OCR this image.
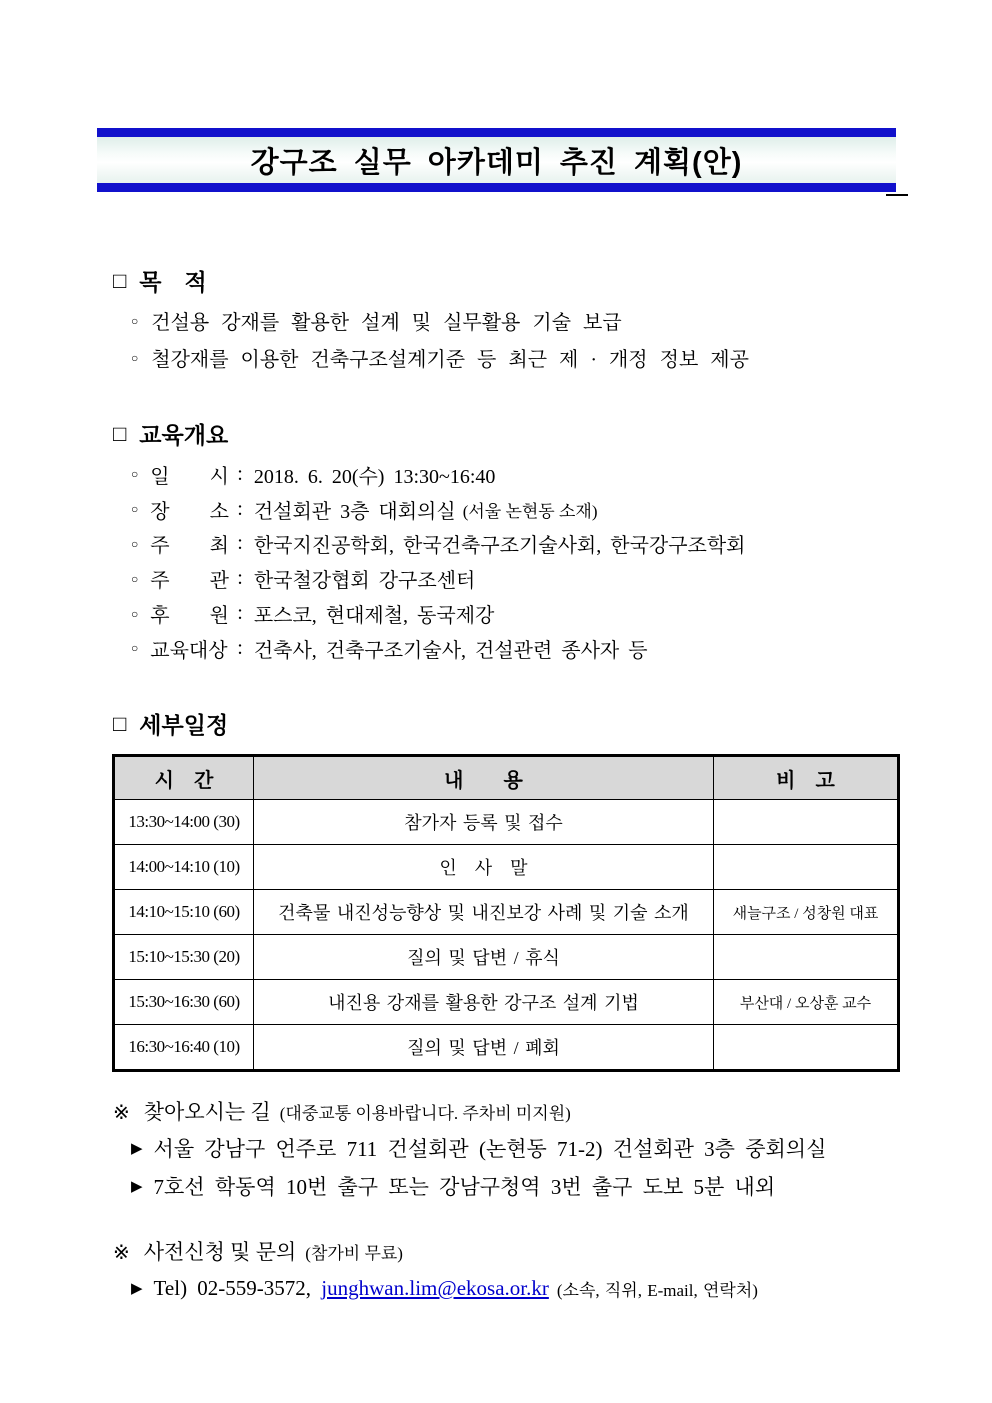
강구조 실무 아카데미 추진 계획(안)
□ 목　적
○ 건설용 강재를 활용한 설계 및 실무활용 기술 보급
○ 철강재를 이용한 건축구조설계기준 등 최근 제 · 개정 정보 제공
□ 교육개요
○ 일　　시 : 2018. 6. 20(수) 13:30~16:40
○ 장　　소 : 건설회관 3층 대회의실 (서울 논현동 소재)
○ 주　　최 : 한국지진공학회, 한국건축구조기술사회, 한국강구조학회
○ 주　　관 : 한국철강협회 강구조센터
○ 후　　원 : 포스코, 현대제철, 동국제강
○ 교육대상 : 건축사, 건축구조기술사, 건설관련 종사자 등
□ 세부일정
시　간	내　　용	비　고
13:30~14:00 (30)	참가자 등록 및 접수	
14:00~14:10 (10)	인　사　말	
14:10~15:10 (60)	건축물 내진성능향상 및 내진보강 사례 및 기술 소개	새늘구조 / 성창원 대표
15:10~15:30 (20)	질의 및 답변 / 휴식	
15:30~16:30 (60)	내진용 강재를 활용한 강구조 설계 기법	부산대 / 오상훈 교수
16:30~16:40 (10)	질의 및 답변 / 폐회	
※ 찾아오시는 길 (대중교통 이용바랍니다. 주차비 미지원)
▶ 서울 강남구 언주로 711 건설회관 (논현동 71-2) 건설회관 3층 중회의실
▶ 7호선 학동역 10번 출구 또는 강남구청역 3번 출구 도보 5분 내외
※ 사전신청 및 문의 (참가비 무료)
▶ Tel) 02-559-3572,
junghwan.lim@ekosa.or.kr (소속, 직위, E-mail, 연락처)
